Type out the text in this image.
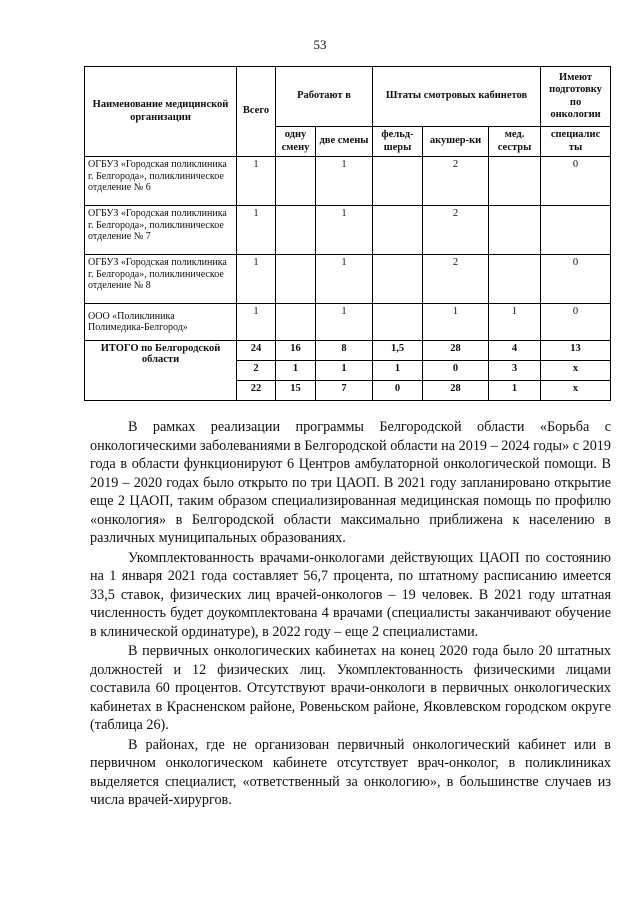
53
Наименование медицинской организации	Всего	Работают в		Штаты смотровых кабинетов			Имеют подготовку по онкологии
		одну смену	две смены	фельд-шеры	акушер-ки	мед. сестры	специалис ты
ОГБУЗ «Городская поликлиника г. Белгорода», поликлиническое отделение № 6	1		1		2		0
ОГБУЗ «Городская поликлиника г. Белгорода», поликлиническое отделение № 7	1		1		2		
ОГБУЗ «Городская поликлиника г. Белгорода», поликлиническое отделение № 8	1		1		2		0
ООО «Поликлиника Полимедика-Белгород»	1		1		1	1	0
ИТОГО по Белгородской области	24	16	8	1,5	28	4	13
	2	1	1	1	0	3	х
	22	15	7	0	28	1	х

В рамках реализации программы Белгородской области «Борьба с онкологическими заболеваниями в Белгородской области на 2019 – 2024 годы» с 2019 года в области функционируют 6 Центров амбулаторной онкологической помощи. В 2019 – 2020 годах было открыто по три ЦАОП. В 2021 году запланировано открытие еще 2 ЦАОП, таким образом специализированная медицинская помощь по профилю «онкология» в Белгородской области максимально приближена к населению в различных муниципальных образованиях.

Укомплектованность врачами-онкологами действующих ЦАОП по состоянию на 1 января 2021 года составляет 56,7 процента, по штатному расписанию имеется 33,5 ставок, физических лиц врачей-онкологов – 19 человек. В 2021 году штатная численность будет доукомплектована 4 врачами (специалисты заканчивают обучение в клинической ординатуре), в 2022 году – еще 2 специалистами.

В первичных онкологических кабинетах на конец 2020 года было 20 штатных должностей и 12 физических лиц. Укомплектованность физическими лицами составила 60 процентов. Отсутствуют врачи-онкологи в первичных онкологических кабинетах в Красненском районе, Ровеньском районе, Яковлевском городском округе (таблица 26).

В районах, где не организован первичный онкологический кабинет или в первичном онкологическом кабинете отсутствует врач-онколог, в поликлиниках выделяется специалист, «ответственный за онкологию», в большинстве случаев из числа врачей-хирургов.
